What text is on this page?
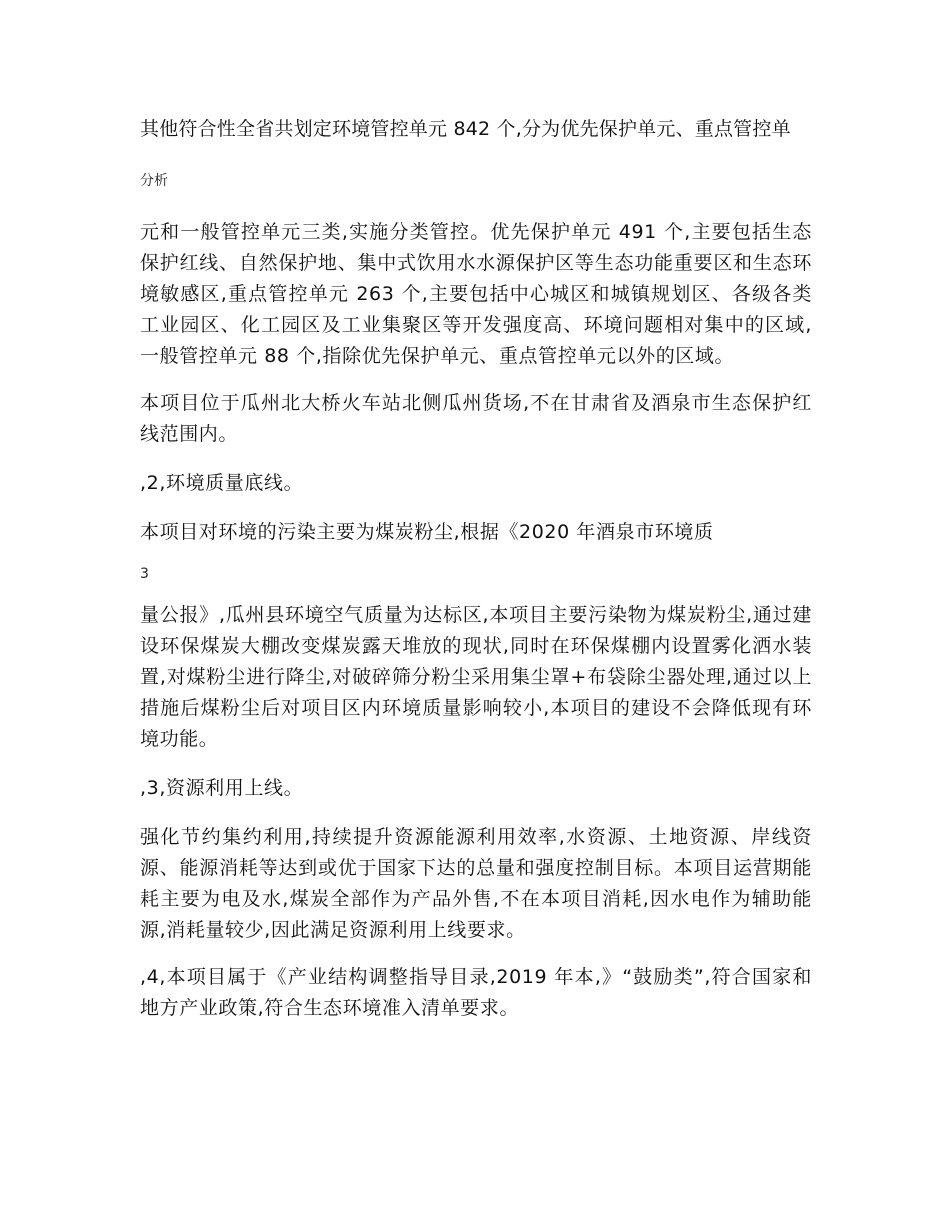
其他符合性全省共划定环境管控单元 842 个,分为优先保护单元、重点管控单

分析

元和一般管控单元三类,实施分类管控。优先保护单元 491 个,主要包括生态保护红线、自然保护地、集中式饮用水水源保护区等生态功能重要区和生态环境敏感区,重点管控单元 263 个,主要包括中心城区和城镇规划区、各级各类工业园区、化工园区及工业集聚区等开发强度高、环境问题相对集中的区域,一般管控单元 88 个,指除优先保护单元、重点管控单元以外的区域。

本项目位于瓜州北大桥火车站北侧瓜州货场,不在甘肃省及酒泉市生态保护红线范围内。

,2,环境质量底线。

本项目对环境的污染主要为煤炭粉尘,根据《2020 年酒泉市环境质

3

量公报》,瓜州县环境空气质量为达标区,本项目主要污染物为煤炭粉尘,通过建设环保煤炭大棚改变煤炭露天堆放的现状,同时在环保煤棚内设置雾化洒水装置,对煤粉尘进行降尘,对破碎筛分粉尘采用集尘罩+布袋除尘器处理,通过以上措施后煤粉尘后对项目区内环境质量影响较小,本项目的建设不会降低现有环境功能。

,3,资源利用上线。

强化节约集约利用,持续提升资源能源利用效率,水资源、土地资源、岸线资源、能源消耗等达到或优于国家下达的总量和强度控制目标。本项目运营期能耗主要为电及水,煤炭全部作为产品外售,不在本项目消耗,因水电作为辅助能源,消耗量较少,因此满足资源利用上线要求。

,4,本项目属于《产业结构调整指导目录,2019 年本,》“鼓励类”,符合国家和地方产业政策,符合生态环境准入清单要求。
